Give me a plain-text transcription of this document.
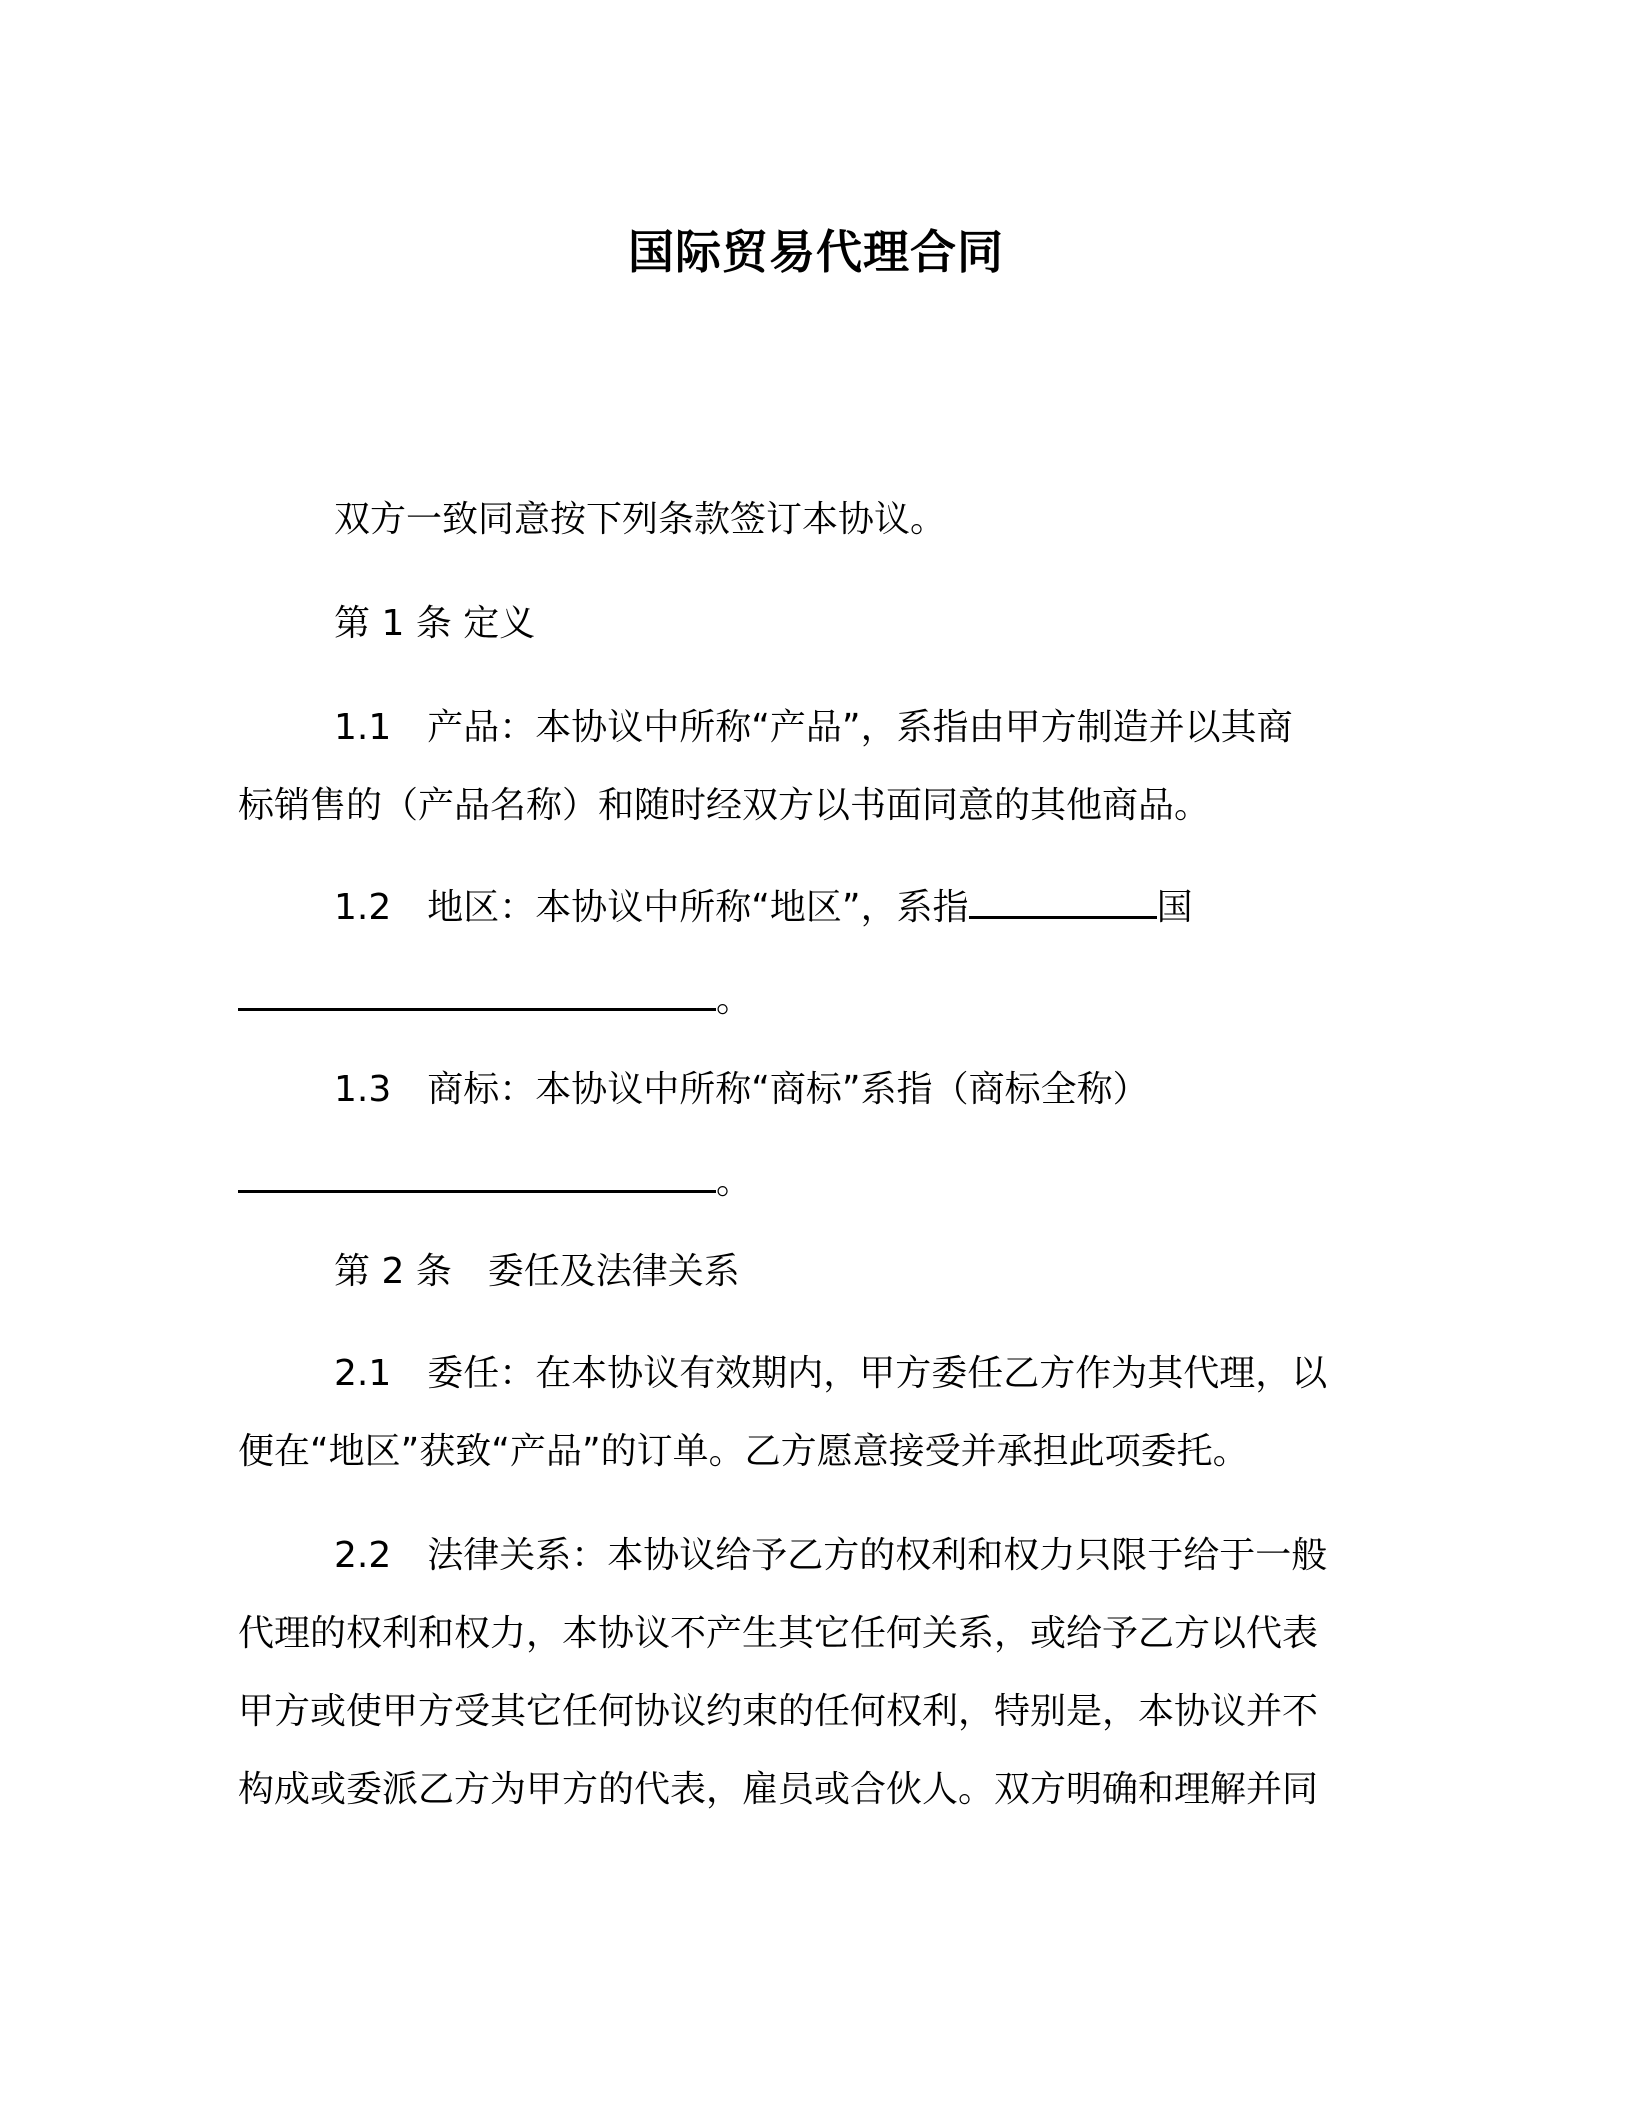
国际贸易代理合同
双方一致同意按下列条款签订本协议。
第 1 条 定义
1.1 产品：本协议中所称“产品”，系指由甲方制造并以其商
标销售的（产品名称）和随时经双方以书面同意的其他商品。
1.2 地区：本协议中所称“地区”，系指	国
。
1.3 商标：本协议中所称“商标”系指（商标全称）
。
第 2 条 委任及法律关系
2.1 委任：在本协议有效期内，甲方委任乙方作为其代理，以
便在“地区”获致“产品”的订单。乙方愿意接受并承担此项委托。
2.2 法律关系：本协议给予乙方的权利和权力只限于给于一般
代理的权利和权力，本协议不产生其它任何关系，或给予乙方以代表
甲方或使甲方受其它任何协议约束的任何权利，特别是，本协议并不
构成或委派乙方为甲方的代表，雇员或合伙人。双方明确和理解并同
